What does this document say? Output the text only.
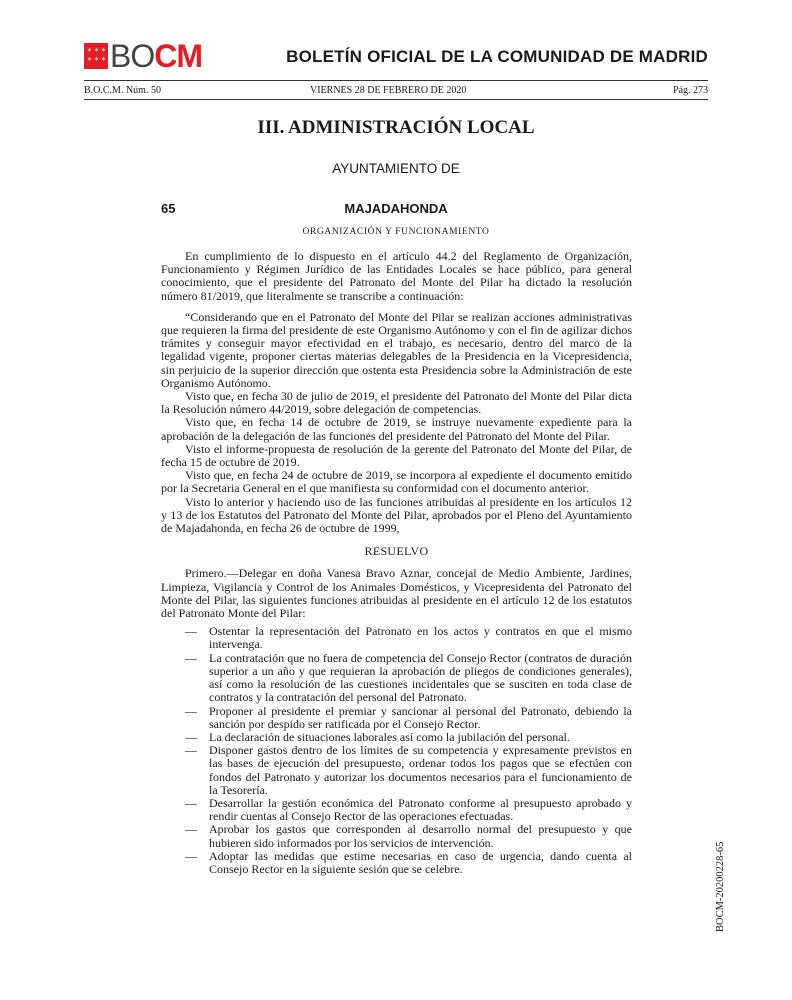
✶ ✶ ✶
✶ ✶ ✶ BOCM	BOLETÍN OFICIAL DE LA COMUNIDAD DE MADRID
B.O.C.M. Núm. 50	VIERNES 28 DE FEBRERO DE 2020	Pág. 273
III. ADMINISTRACIÓN LOCAL
AYUNTAMIENTO DE
65	MAJADAHONDA
ORGANIZACIÓN Y FUNCIONAMIENTO

En cumplimiento de lo dispuesto en el artículo 44.2 del Reglamento de Organización, Funcionamiento y Régimen Jurídico de las Entidades Locales se hace público, para general conocimiento, que el presidente del Patronato del Monte del Pilar ha dictado la resolución número 81/2019, que literalmente se transcribe a continuación:

“Considerando que en el Patronato del Monte del Pilar se realizan acciones administrativas que requieren la firma del presidente de este Organismo Autónomo y con el fin de agilizar dichos trámites y conseguir mayor efectividad en el trabajo, es necesario, dentro del marco de la legalidad vigente, proponer ciertas materias delegables de la Presidencia en la Vicepresidencia, sin perjuicio de la superior dirección que ostenta esta Presidencia sobre la Administración de este Organismo Autónomo.

Visto que, en fecha 30 de julio de 2019, el presidente del Patronato del Monte del Pilar dicta la Resolución número 44/2019, sobre delegación de competencias.

Visto que, en fecha 14 de octubre de 2019, se instruye nuevamente expediente para la aprobación de la delegación de las funciones del presidente del Patronato del Monte del Pilar.

Visto el informe-propuesta de resolución de la gerente del Patronato del Monte del Pilar, de fecha 15 de octubre de 2019.

Visto que, en fecha 24 de octubre de 2019, se incorpora al expediente el documento emitido por la Secretaria General en el que manifiesta su conformidad con el documento anterior.

Visto lo anterior y haciendo uso de las funciones atribuidas al presidente en los artículos 12 y 13 de los Estatutos del Patronato del Monte del Pilar, aprobados por el Pleno del Ayuntamiento de Majadahonda, en fecha 26 de octubre de 1999,

RESUELVO

Primero.—Delegar en doña Vanesa Bravo Aznar, concejal de Medio Ambiente, Jardines, Limpieza, Vigilancia y Control de los Animales Domésticos, y Vicepresidenta del Patronato del Monte del Pilar, las siguientes funciones atribuidas al presidente en el artículo 12 de los estatutos del Patronato Monte del Pilar:

— Ostentar la representación del Patronato en los actos y contratos en que el mismo intervenga.
— La contratación que no fuera de competencia del Consejo Rector (contratos de duración superior a un año y que requieran la aprobación de pliegos de condiciones generales), así como la resolución de las cuestiones incidentales que se susciten en toda clase de contratos y la contratación del personal del Patronato.
— Proponer al presidente el premiar y sancionar al personal del Patronato, debiendo la sanción por despido ser ratificada por el Consejo Rector.
— La declaración de situaciones laborales así como la jubilación del personal.
— Disponer gastos dentro de los límites de su competencia y expresamente previstos en las bases de ejecución del presupuesto, ordenar todos los pagos que se efectúen con fondos del Patronato y autorizar los documentos necesarios para el funcionamiento de la Tesorería.
— Desarrollar la gestión económica del Patronato conforme al presupuesto aprobado y rendir cuentas al Consejo Rector de las operaciones efectuadas.
— Aprobar los gastos que corresponden al desarrollo normal del presupuesto y que hubieren sido informados por los servicios de intervención.
— Adoptar las medidas que estime necesarias en caso de urgencia, dando cuenta al Consejo Rector en la siguiente sesión que se celebre.	BOCM-20200228-65
